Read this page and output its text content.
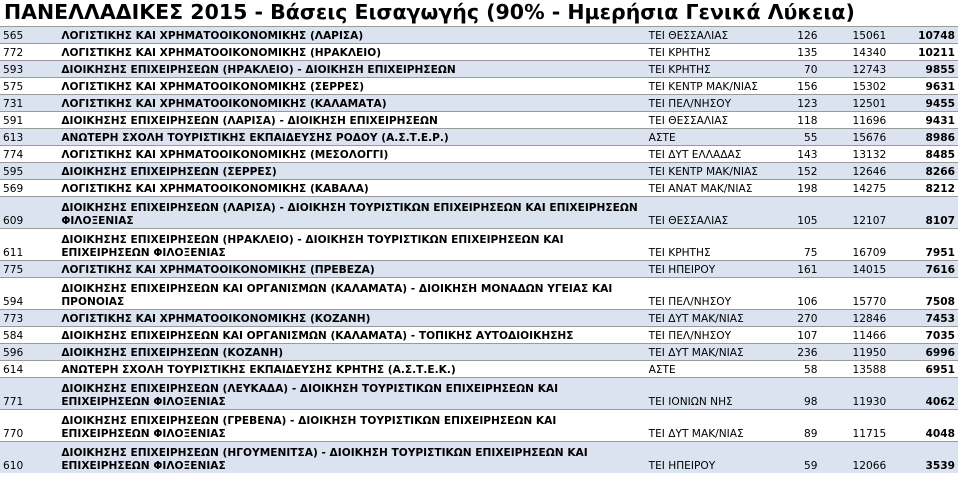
ΠΑΝΕΛΛΑΔΙΚΕΣ 2015 - Βάσεις Εισαγωγής (90% - Ημερήσια Γενικά Λύκεια)
565	ΛΟΓΙΣΤΙΚΗΣ ΚΑΙ ΧΡΗΜΑΤΟΟΙΚΟΝΟΜΙΚΗΣ (ΛΑΡΙΣΑ)	ΤΕΙ ΘΕΣΣΑΛΙΑΣ	126	15061	10748
772	ΛΟΓΙΣΤΙΚΗΣ ΚΑΙ ΧΡΗΜΑΤΟΟΙΚΟΝΟΜΙΚΗΣ (ΗΡΑΚΛΕΙΟ)	ΤΕΙ ΚΡΗΤΗΣ	135	14340	10211
593	ΔΙΟΙΚΗΣΗΣ ΕΠΙΧΕΙΡΗΣΕΩΝ (ΗΡΑΚΛΕΙΟ) - ΔΙΟΙΚΗΣΗ ΕΠΙΧΕΙΡΗΣΕΩΝ	ΤΕΙ ΚΡΗΤΗΣ	70	12743	9855
575	ΛΟΓΙΣΤΙΚΗΣ ΚΑΙ ΧΡΗΜΑΤΟΟΙΚΟΝΟΜΙΚΗΣ (ΣΕΡΡΕΣ)	ΤΕΙ ΚΕΝΤΡ ΜΑΚ/ΝΙΑΣ	156	15302	9631
731	ΛΟΓΙΣΤΙΚΗΣ ΚΑΙ ΧΡΗΜΑΤΟΟΙΚΟΝΟΜΙΚΗΣ (ΚΑΛΑΜΑΤΑ)	ΤΕΙ ΠΕΛ/ΝΗΣΟΥ	123	12501	9455
591	ΔΙΟΙΚΗΣΗΣ ΕΠΙΧΕΙΡΗΣΕΩΝ (ΛΑΡΙΣΑ) - ΔΙΟΙΚΗΣΗ ΕΠΙΧΕΙΡΗΣΕΩΝ	ΤΕΙ ΘΕΣΣΑΛΙΑΣ	118	11696	9431
613	ΑΝΩΤΕΡΗ ΣΧΟΛΗ ΤΟΥΡΙΣΤΙΚΗΣ ΕΚΠΑΙΔΕΥΣΗΣ ΡΟΔΟΥ (Α.Σ.Τ.Ε.Ρ.)	ΑΣΤΕ	55	15676	8986
774	ΛΟΓΙΣΤΙΚΗΣ ΚΑΙ ΧΡΗΜΑΤΟΟΙΚΟΝΟΜΙΚΗΣ (ΜΕΣΟΛΟΓΓΙ)	ΤΕΙ ΔΥΤ ΕΛΛΑΔΑΣ	143	13132	8485
595	ΔΙΟΙΚΗΣΗΣ ΕΠΙΧΕΙΡΗΣΕΩΝ (ΣΕΡΡΕΣ)	ΤΕΙ ΚΕΝΤΡ ΜΑΚ/ΝΙΑΣ	152	12646	8266
569	ΛΟΓΙΣΤΙΚΗΣ ΚΑΙ ΧΡΗΜΑΤΟΟΙΚΟΝΟΜΙΚΗΣ (ΚΑΒΑΛΑ)	ΤΕΙ ΑΝΑΤ ΜΑΚ/ΝΙΑΣ	198	14275	8212
609	ΔΙΟΙΚΗΣΗΣ ΕΠΙΧΕΙΡΗΣΕΩΝ (ΛΑΡΙΣΑ) - ΔΙΟΙΚΗΣΗ ΤΟΥΡΙΣΤΙΚΩΝ ΕΠΙΧΕΙΡΗΣΕΩΝ ΚΑΙ ΕΠΙΧΕΙΡΗΣΕΩΝ ΦΙΛΟΞΕΝΙΑΣ	ΤΕΙ ΘΕΣΣΑΛΙΑΣ	105	12107	8107
611	ΔΙΟΙΚΗΣΗΣ ΕΠΙΧΕΙΡΗΣΕΩΝ (ΗΡΑΚΛΕΙΟ) - ΔΙΟΙΚΗΣΗ ΤΟΥΡΙΣΤΙΚΩΝ ΕΠΙΧΕΙΡΗΣΕΩΝ ΚΑΙ ΕΠΙΧΕΙΡΗΣΕΩΝ ΦΙΛΟΞΕΝΙΑΣ	ΤΕΙ ΚΡΗΤΗΣ	75	16709	7951
775	ΛΟΓΙΣΤΙΚΗΣ ΚΑΙ ΧΡΗΜΑΤΟΟΙΚΟΝΟΜΙΚΗΣ (ΠΡΕΒΕΖΑ)	ΤΕΙ ΗΠΕΙΡΟΥ	161	14015	7616
594	ΔΙΟΙΚΗΣΗΣ ΕΠΙΧΕΙΡΗΣΕΩΝ ΚΑΙ ΟΡΓΑΝΙΣΜΩΝ (ΚΑΛΑΜΑΤΑ) - ΔΙΟΙΚΗΣΗ ΜΟΝΑΔΩΝ ΥΓΕΙΑΣ ΚΑΙ ΠΡΟΝΟΙΑΣ	ΤΕΙ ΠΕΛ/ΝΗΣΟΥ	106	15770	7508
773	ΛΟΓΙΣΤΙΚΗΣ ΚΑΙ ΧΡΗΜΑΤΟΟΙΚΟΝΟΜΙΚΗΣ (ΚΟΖΑΝΗ)	ΤΕΙ ΔΥΤ ΜΑΚ/ΝΙΑΣ	270	12846	7453
584	ΔΙΟΙΚΗΣΗΣ ΕΠΙΧΕΙΡΗΣΕΩΝ ΚΑΙ ΟΡΓΑΝΙΣΜΩΝ (ΚΑΛΑΜΑΤΑ) - ΤΟΠΙΚΗΣ ΑΥΤΟΔΙΟΙΚΗΣΗΣ	ΤΕΙ ΠΕΛ/ΝΗΣΟΥ	107	11466	7035
596	ΔΙΟΙΚΗΣΗΣ ΕΠΙΧΕΙΡΗΣΕΩΝ (ΚΟΖΑΝΗ)	ΤΕΙ ΔΥΤ ΜΑΚ/ΝΙΑΣ	236	11950	6996
614	ΑΝΩΤΕΡΗ ΣΧΟΛΗ ΤΟΥΡΙΣΤΙΚΗΣ ΕΚΠΑΙΔΕΥΣΗΣ ΚΡΗΤΗΣ (Α.Σ.Τ.Ε.Κ.)	ΑΣΤΕ	58	13588	6951
771	ΔΙΟΙΚΗΣΗΣ ΕΠΙΧΕΙΡΗΣΕΩΝ (ΛΕΥΚΑΔΑ) - ΔΙΟΙΚΗΣΗ ΤΟΥΡΙΣΤΙΚΩΝ ΕΠΙΧΕΙΡΗΣΕΩΝ ΚΑΙ ΕΠΙΧΕΙΡΗΣΕΩΝ ΦΙΛΟΞΕΝΙΑΣ	ΤΕΙ ΙΟΝΙΩΝ ΝΗΣ	98	11930	4062
770	ΔΙΟΙΚΗΣΗΣ ΕΠΙΧΕΙΡΗΣΕΩΝ (ΓΡΕΒΕΝΑ) - ΔΙΟΙΚΗΣΗ ΤΟΥΡΙΣΤΙΚΩΝ ΕΠΙΧΕΙΡΗΣΕΩΝ ΚΑΙ ΕΠΙΧΕΙΡΗΣΕΩΝ ΦΙΛΟΞΕΝΙΑΣ	ΤΕΙ ΔΥΤ ΜΑΚ/ΝΙΑΣ	89	11715	4048
610	ΔΙΟΙΚΗΣΗΣ ΕΠΙΧΕΙΡΗΣΕΩΝ (ΗΓΟΥΜΕΝΙΤΣΑ) - ΔΙΟΙΚΗΣΗ ΤΟΥΡΙΣΤΙΚΩΝ ΕΠΙΧΕΙΡΗΣΕΩΝ ΚΑΙ ΕΠΙΧΕΙΡΗΣΕΩΝ ΦΙΛΟΞΕΝΙΑΣ	ΤΕΙ ΗΠΕΙΡΟΥ	59	12066	3539
